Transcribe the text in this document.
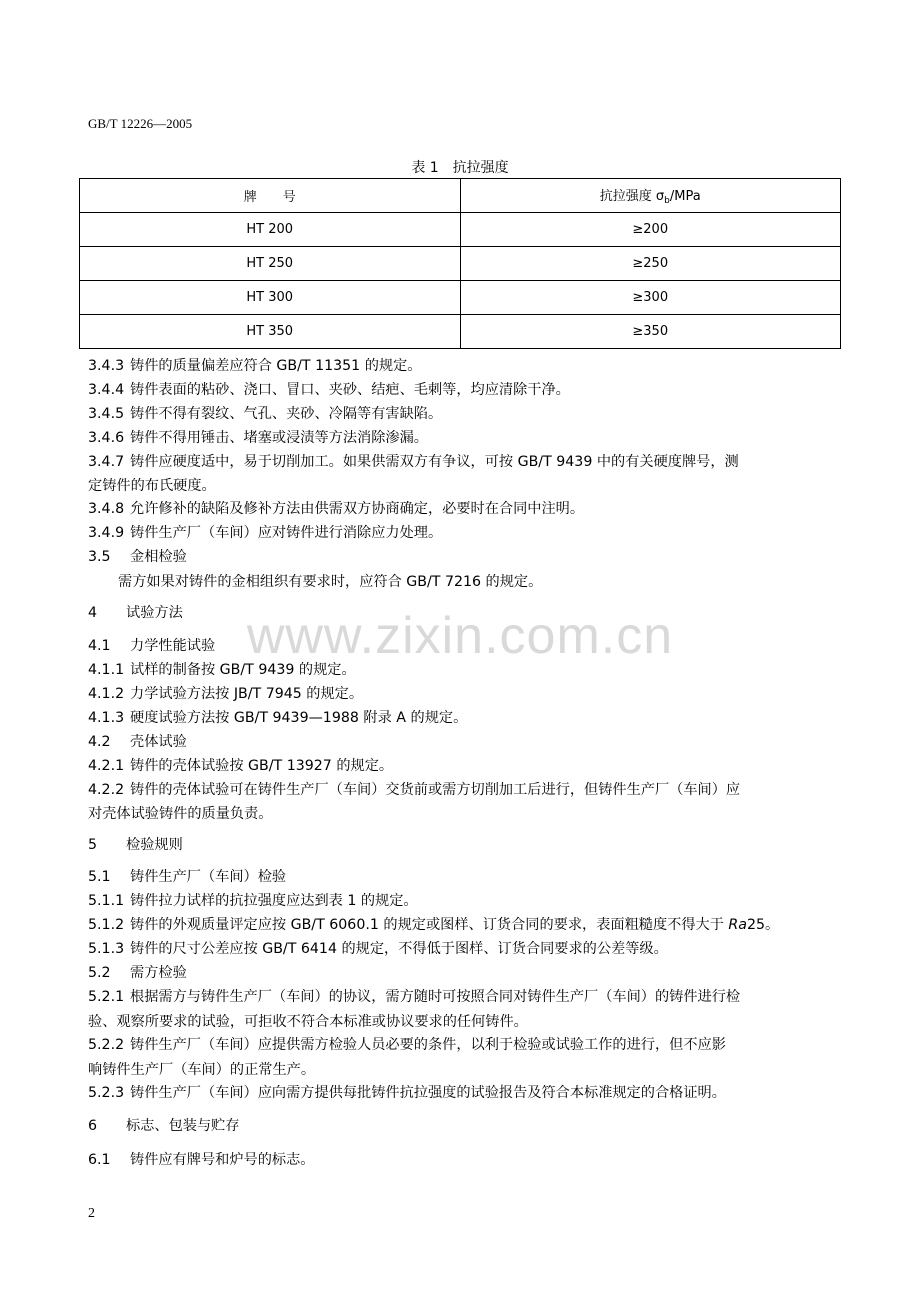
GB/T 12226—2005
表 1 抗拉强度
牌　　号	抗拉强度 $\sigma_b$/MPa
HT 200	≥200
HT 250	≥250
HT 300	≥300
HT 350	≥350
www.zixin.com.cn
3.4.3 铸件的质量偏差应符合 GB/T 11351 的规定。
3.4.4 铸件表面的粘砂、浇口、冒口、夹砂、结疤、毛刺等，均应清除干净。
3.4.5 铸件不得有裂纹、气孔、夹砂、冷隔等有害缺陷。
3.4.6 铸件不得用锤击、堵塞或浸渍等方法消除渗漏。
3.4.7 铸件应硬度适中，易于切削加工。如果供需双方有争议，可按 GB/T 9439 中的有关硬度牌号，测
定铸件的布氏硬度。
3.4.8 允许修补的缺陷及修补方法由供需双方协商确定，必要时在合同中注明。
3.4.9 铸件生产厂（车间）应对铸件进行消除应力处理。
3.5 金相检验
需方如果对铸件的金相组织有要求时，应符合 GB/T 7216 的规定。
4 试验方法
4.1 力学性能试验
4.1.1 试样的制备按 GB/T 9439 的规定。
4.1.2 力学试验方法按 JB/T 7945 的规定。
4.1.3 硬度试验方法按 GB/T 9439—1988 附录 A 的规定。
4.2 壳体试验
4.2.1 铸件的壳体试验按 GB/T 13927 的规定。
4.2.2 铸件的壳体试验可在铸件生产厂（车间）交货前或需方切削加工后进行，但铸件生产厂（车间）应
对壳体试验铸件的质量负责。
5 检验规则
5.1 铸件生产厂（车间）检验
5.1.1 铸件拉力试样的抗拉强度应达到表 1 的规定。
5.1.2 铸件的外观质量评定应按 GB/T 6060.1 的规定或图样、订货合同的要求，表面粗糙度不得大于 Ra25。
5.1.3 铸件的尺寸公差应按 GB/T 6414 的规定，不得低于图样、订货合同要求的公差等级。
5.2 需方检验
5.2.1 根据需方与铸件生产厂（车间）的协议，需方随时可按照合同对铸件生产厂（车间）的铸件进行检
验、观察所要求的试验，可拒收不符合本标准或协议要求的任何铸件。
5.2.2 铸件生产厂（车间）应提供需方检验人员必要的条件，以利于检验或试验工作的进行，但不应影
响铸件生产厂（车间）的正常生产。
5.2.3 铸件生产厂（车间）应向需方提供每批铸件抗拉强度的试验报告及符合本标准规定的合格证明。
6 标志、包装与贮存
6.1 铸件应有牌号和炉号的标志。
2
